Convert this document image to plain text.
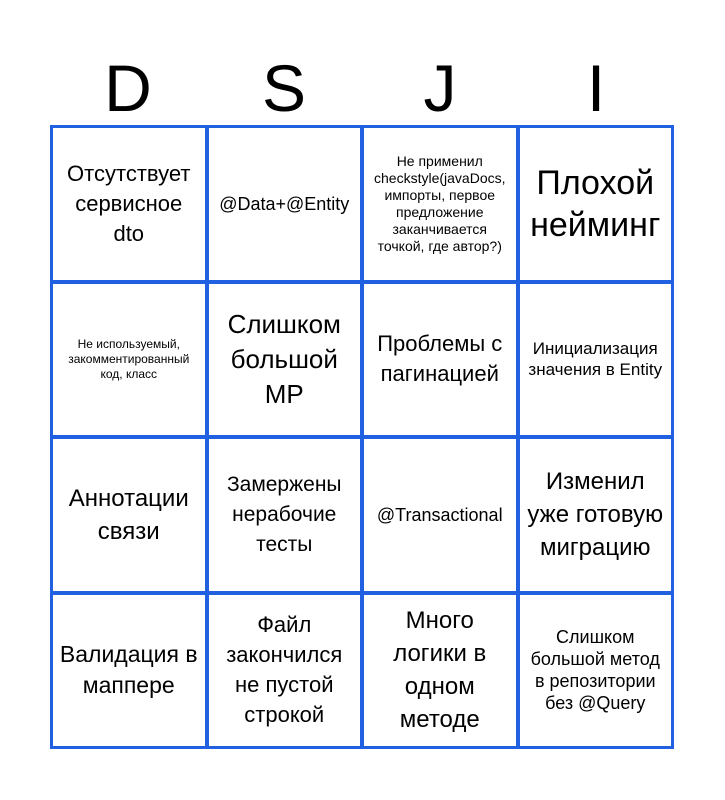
D	S	J	I
Отсутствует сервисное dto
@Data+@Entity
Не применил checkstyle(javaDocs, импорты, первое предложение заканчивается точкой, где автор?)
Плохой нейминг
Не используемый, закомментированный код, класс
Слишком большой МР
Проблемы с пагинацией
Инициализация значения в Entity
Аннотации связи
Замержены нерабочие тесты
@Transactional
Изменил уже готовую миграцию
Валидация в маппере
Файл закончился не пустой строкой
Много логики в одном методе
Слишком большой метод в репозитории без @Query
